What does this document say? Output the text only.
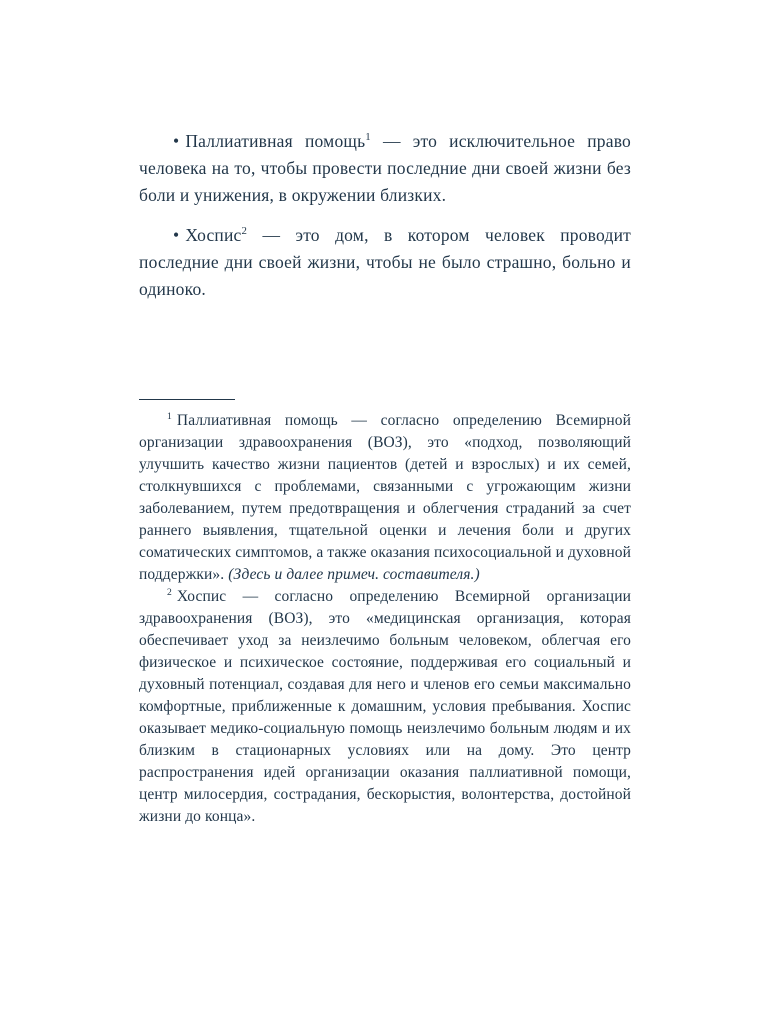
• Паллиативная помощь$^1$ — это исключительное право человека на то, чтобы провести последние дни своей жизни без боли и унижения, в окружении близких.

• Хоспис$^2$ — это дом, в котором человек проводит последние дни своей жизни, чтобы не было страшно, больно и одиноко.

$^1$ Паллиативная помощь — согласно определению Всемирной организации здравоохранения (ВОЗ), это «подход, позволяющий улучшить качество жизни пациентов (детей и взрослых) и их семей, столкнувшихся с проблемами, связанными с угрожающим жизни заболеванием, путем предотвращения и облегчения страданий за счет раннего выявления, тщательной оценки и лечения боли и других соматических симптомов, а также оказания психосоциальной и духовной поддержки». (Здесь и далее примеч. составителя.)

$^2$ Хоспис — согласно определению Всемирной организации здравоохранения (ВОЗ), это «медицинская организация, которая обеспечивает уход за неизлечимо больным человеком, облегчая его физическое и психическое состояние, поддерживая его социальный и духовный потенциал, создавая для него и членов его семьи максимально комфортные, приближенные к домашним, условия пребывания. Хоспис оказывает медико-социальную помощь неизлечимо больным людям и их близким в стационарных условиях или на дому. Это центр распространения идей организации оказания паллиативной помощи, центр милосердия, сострадания, бескорыстия, волонтерства, достойной жизни до конца».
